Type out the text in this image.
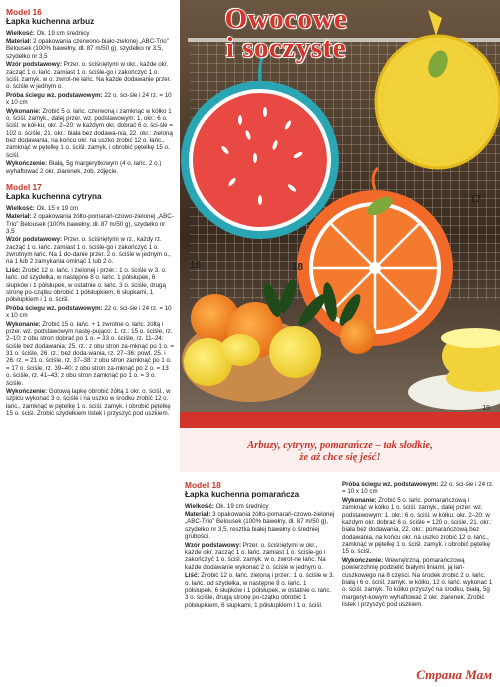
Model 16
Łapka kuchenna arbuz

Wielkość: Ok. 19 cm średnicy

Materiał: 2 opakowania czerwono-biało-zielonej „ABC-Trio” Belousek (100% bawełny, dł. 87 m/50 g), szydełko nr 3,5, szydełko nr 3,5

Wzór podstawowy: Przer. o. ściśniętymi w okr., każde okr. zacząć 1 o. łańc. zamiast 1 o. ściśle-go i zakończyć 1 o. ściśl. zamyk. w o. zwrot-ne łańc. Na każde dodawanie przer. o. ściśle w jednym o.

Próba ściegu wz. podstawowym: 22 o. ści-śle i 24 rz. = 10 x 10 cm

Wykonanie: Zrobić 5 o. łańc. czerwoną i zamknąć w kółko 1 o. ściśl. zamyk., dalej przer. wz. podstawowym: 1. okr.: 6 o. ściśl. w kół-ku; okr. 2–20: w każdym okr. dobrać 6 o. ści-śle = 102 o. ściśle, 21. okr.: biała bez dodawa-nia, 22. okr.: zieloną bez dodawania, na końcu okr. na uszko zrobić 12 o. łańc., zamknąć w pętelkę 1 o. ściśl. zamyk. i obrobić pętelkę 15 o. ściśl.

Wykończenie: Białą, 5g margerytkowym (4 o. łańc. 2 o.) wyhaftować 2 okr. ziarenek, zob. zdjęcie.

Model 17
Łapka kuchenna cytryna

Wielkość: Ok. 15 x 19 cm

Materiał: 2 opakowania żółto-pomarań-czowo-zielonej „ABC-Trio” Belousek (100% bawełny, dł. 87 m/50 g), szydełko nr 3,5

Wzór podstawowy: Przer. o. ściśniętymi w rz., każdy rz. zacząć 1 o. łańc. zamiast 1 o. ściśle-go i zakończyć 1 o. zwrotnym łańc. Na 1 do-danie przer. 2 o. ściśle w jednym o., na 1 łub 2 zamykania ominąć 1 lub 2 o.

Liść: Zrobić 12 o. łańc. i zielonej i przer.: 1 o. ściśle w 3. o. łańc. od szydełka, w następne 8 o. łańc. 1 półsłupek, 6 słupków i 1 półsłupek, w ostatnie o. łańc. 3 o. ściśle, drugą stronę po-czątku obrobić 1 półsłupkiem, 6 słupkami, 1 półsłupkiem i 1 o. ściśl.

Próba ściegu wz. podstawowym: 22 o. ści-śle i 24 rz. = 10 x 10 cm

Wykonanie: Zrobić 15 o. łańc. + 1 zwrotne o. łańc. żółtą i przer. wz. podstawowym nastę-pująco: 1. rz.: 15 o. ściśle, rz. 2–10: z obu stron dobrać po 1 o. = 33 o. ściśle, rz. 11–24: ściśle bez dodawania; 25. rz.: z obu stron za-mknąć po 1 o. = 31 o. ściśle, 26. rz.: bez doda-wania, rz. 27–36: powt. 25. i 26. rz. = 21 o. ściśle, rz. 37–38: z obu stron zamknąć po 1 o. = 17 o. ściśle, rz. 39–40: z obu stron za-mknąć po 2 o. = 13 o. ściśle, rz. 41–43: z obu stron zamknąć po 1 o. = 3 o. ściśle.

Wykończenie: Gotową łapkę obrobić żółtą 1 okr. o. ściśl., w szpicu wykonać 3 o. ściśle i na uszko w środku zrobić 12 o. łańc., zamknąć w pętelkę 1 o. ściśl. zamyk. i obrobić pętelkę 15 o. ściśl. Zrobić szydełkiem listek i przyszyć pod uszkiem.

16	18
17
19
Owocowe
i soczyste
Arbuzy, cytryny, pomarańcze – tak słodkie,
że aż chce się jeść!
Model 18
Łapka kuchenna pomarańcza

Wielkość: Ok. 19 cm średnicy

Materiał: 3 opakowania żółto-pomarań-czowo-zielonej „ABC-Trio” Belousek (100% bawełny, dł. 87 m/50 g), szydełko nr 3,5, resztka białej bawełny o średniej grubości.

Wzór podstawowy: Przer. o. ściśniętymi w okr., każde okr. zacząć 1 o. łańc. zamiast 1 o. ściśle-go i zakończyć 1 o. ściśl. zamyk. w o. zwrot-ne łańc. Na każde dodawanie wykonać 2 o. ściśle w jednym o.

Liść: Zrobić 12 o. łańc. zieloną i przer.: 1 o. ściśle w 3. o. łańc. od szydełka, w następne 8 o. łańc. 1 półsłupek, 6 słupków i 1 półsłupek, w ostatnie o. łańc. 3 o. ściśle, drugą stronę po-czątku obrobić 1 półsłupkiem, 6 słupkami, 1 półsłupkiem i 1 o. ściśl.

Próba ściegu wz. podstawowym: 22 o. ści-śle i 24 rz. = 10 x 10 cm

Wykonanie: Zrobić 5 o. łańc. pomarańczową i zamknąć w kółko 1 o. ściśl. zamyk., dalej przer. wz. podstawowym: 1. okr.: 6 o. ściśl. w kółku; okr. 2–20: w każdym okr. dobrać 6 o. ściśle = 120 o. ściśle, 21. okr.: biała bez dodawania, 22. okr.: pomarańczową bez dodawania, na końcu okr. na uszko zrobić 12 o. łańc., zamknąć w pętelkę 1 o. ściśl. zamyk. i obrobić pętelkę 15 o. ściśl.

Wykończenie: Wewnętrzną, pomarańczową powierzchnię podzielić białymi liniami, ją łań-cuszkowego na 8 części. Na środek zrobić 2 o. łańc. białą i 6 o. ściśl. zamyk. w kółku, 12 o. łańc. wykonać 1 o. ściśl. zamyk. To kółko przyszyć na środku, białą, 5g margeryt-kowym wyhaftować 2 okr. ziarenek. Zrobić listek i przyszyć pod uszkiem.

Страна Мам
